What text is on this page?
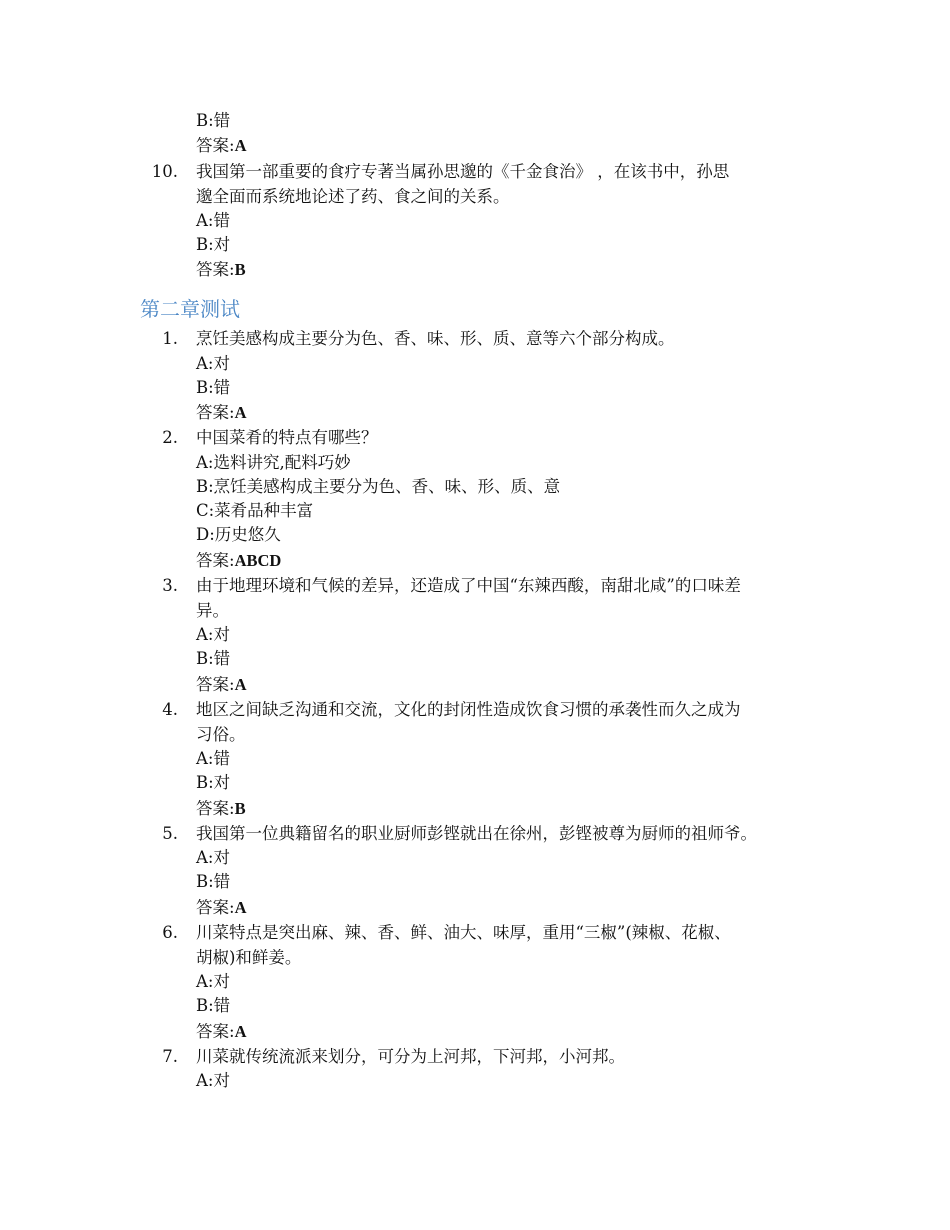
B:错
答案:A
10. 我国第一部重要的食疗专著当属孙思邈的《千金食治》 ，在该书中，孙思
邈全面而系统地论述了药、食之间的关系。
A:错
B:对
答案:B
第二章测试
1. 烹饪美感构成主要分为色、香、味、形、质、意等六个部分构成。
A:对
B:错
答案:A
2. 中国菜肴的特点有哪些？
A:选料讲究,配料巧妙
B:烹饪美感构成主要分为色、香、味、形、质、意
C:菜肴品种丰富
D:历史悠久
答案:ABCD
3. 由于地理环境和气候的差异，还造成了中国“东辣西酸，南甜北咸”的口味差
异。
A:对
B:错
答案:A
4. 地区之间缺乏沟通和交流，文化的封闭性造成饮食习惯的承袭性而久之成为
习俗。
A:错
B:对
答案:B
5. 我国第一位典籍留名的职业厨师彭铿就出在徐州，彭铿被尊为厨师的祖师爷。
A:对
B:错
答案:A
6. 川菜特点是突出麻、辣、香、鲜、油大、味厚，重用“三椒”(辣椒、花椒、
胡椒)和鲜姜。
A:对
B:错
答案:A
7. 川菜就传统流派来划分，可分为上河邦，下河邦，小河邦。
A:对
